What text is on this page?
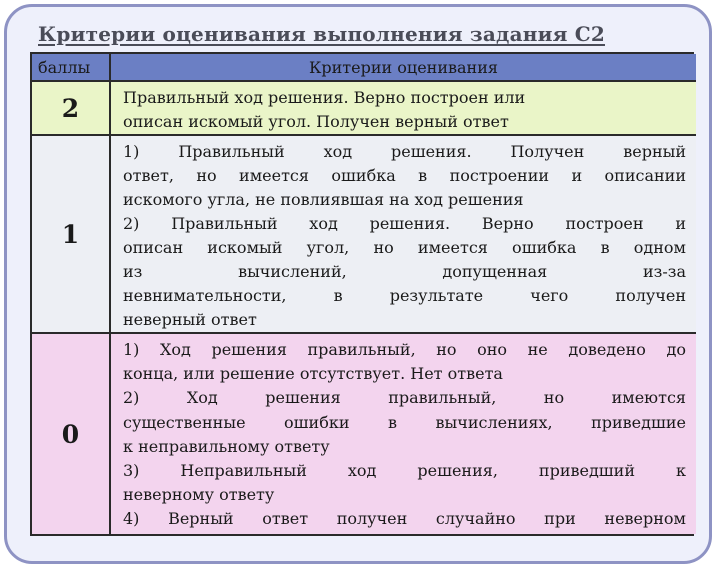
Критерии оценивания выполнения задания С2
баллы	Критерии оценивания
2	Правильный ход решения. Верно построен или
описан искомый угол. Получен верный ответ
1
1) Правильный ход решения. Получен верный
ответ, но имеется ошибка в построении и описании
искомого угла, не повлиявшая на ход решения
2) Правильный ход решения. Верно построен и
описан искомый угол, но имеется ошибка в одном
из вычислений, допущенная из-за
невнимательности, в результате чего получен
неверный ответ
0
1) Ход решения правильный, но оно не доведено до
конца, или решение отсутствует. Нет ответа
2) Ход решения правильный, но имеются
существенные ошибки в вычислениях, приведшие
к неправильному ответу
3) Неправильный ход решения, приведший к
неверному ответу
4) Верный ответ получен случайно при неверном
